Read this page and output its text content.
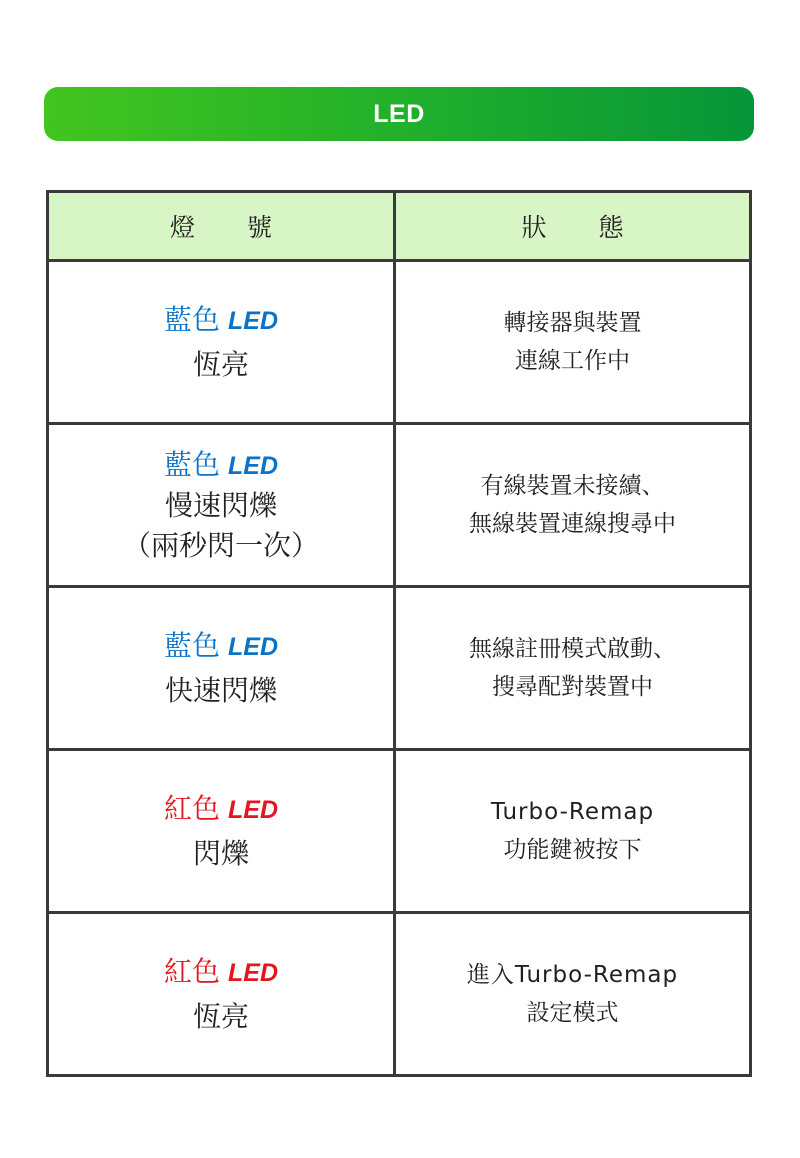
LED
燈 號	狀 態

藍色 LED
恆亮	轉接器與裝置
連線工作中

藍色 LED
慢速閃爍
（兩秒閃一次）	有線裝置未接續、
無線裝置連線搜尋中

藍色 LED
快速閃爍	無線註冊模式啟動、
搜尋配對裝置中

紅色 LED
閃爍	Turbo-Remap
功能鍵被按下

紅色 LED
恆亮	進入Turbo-Remap
設定模式
